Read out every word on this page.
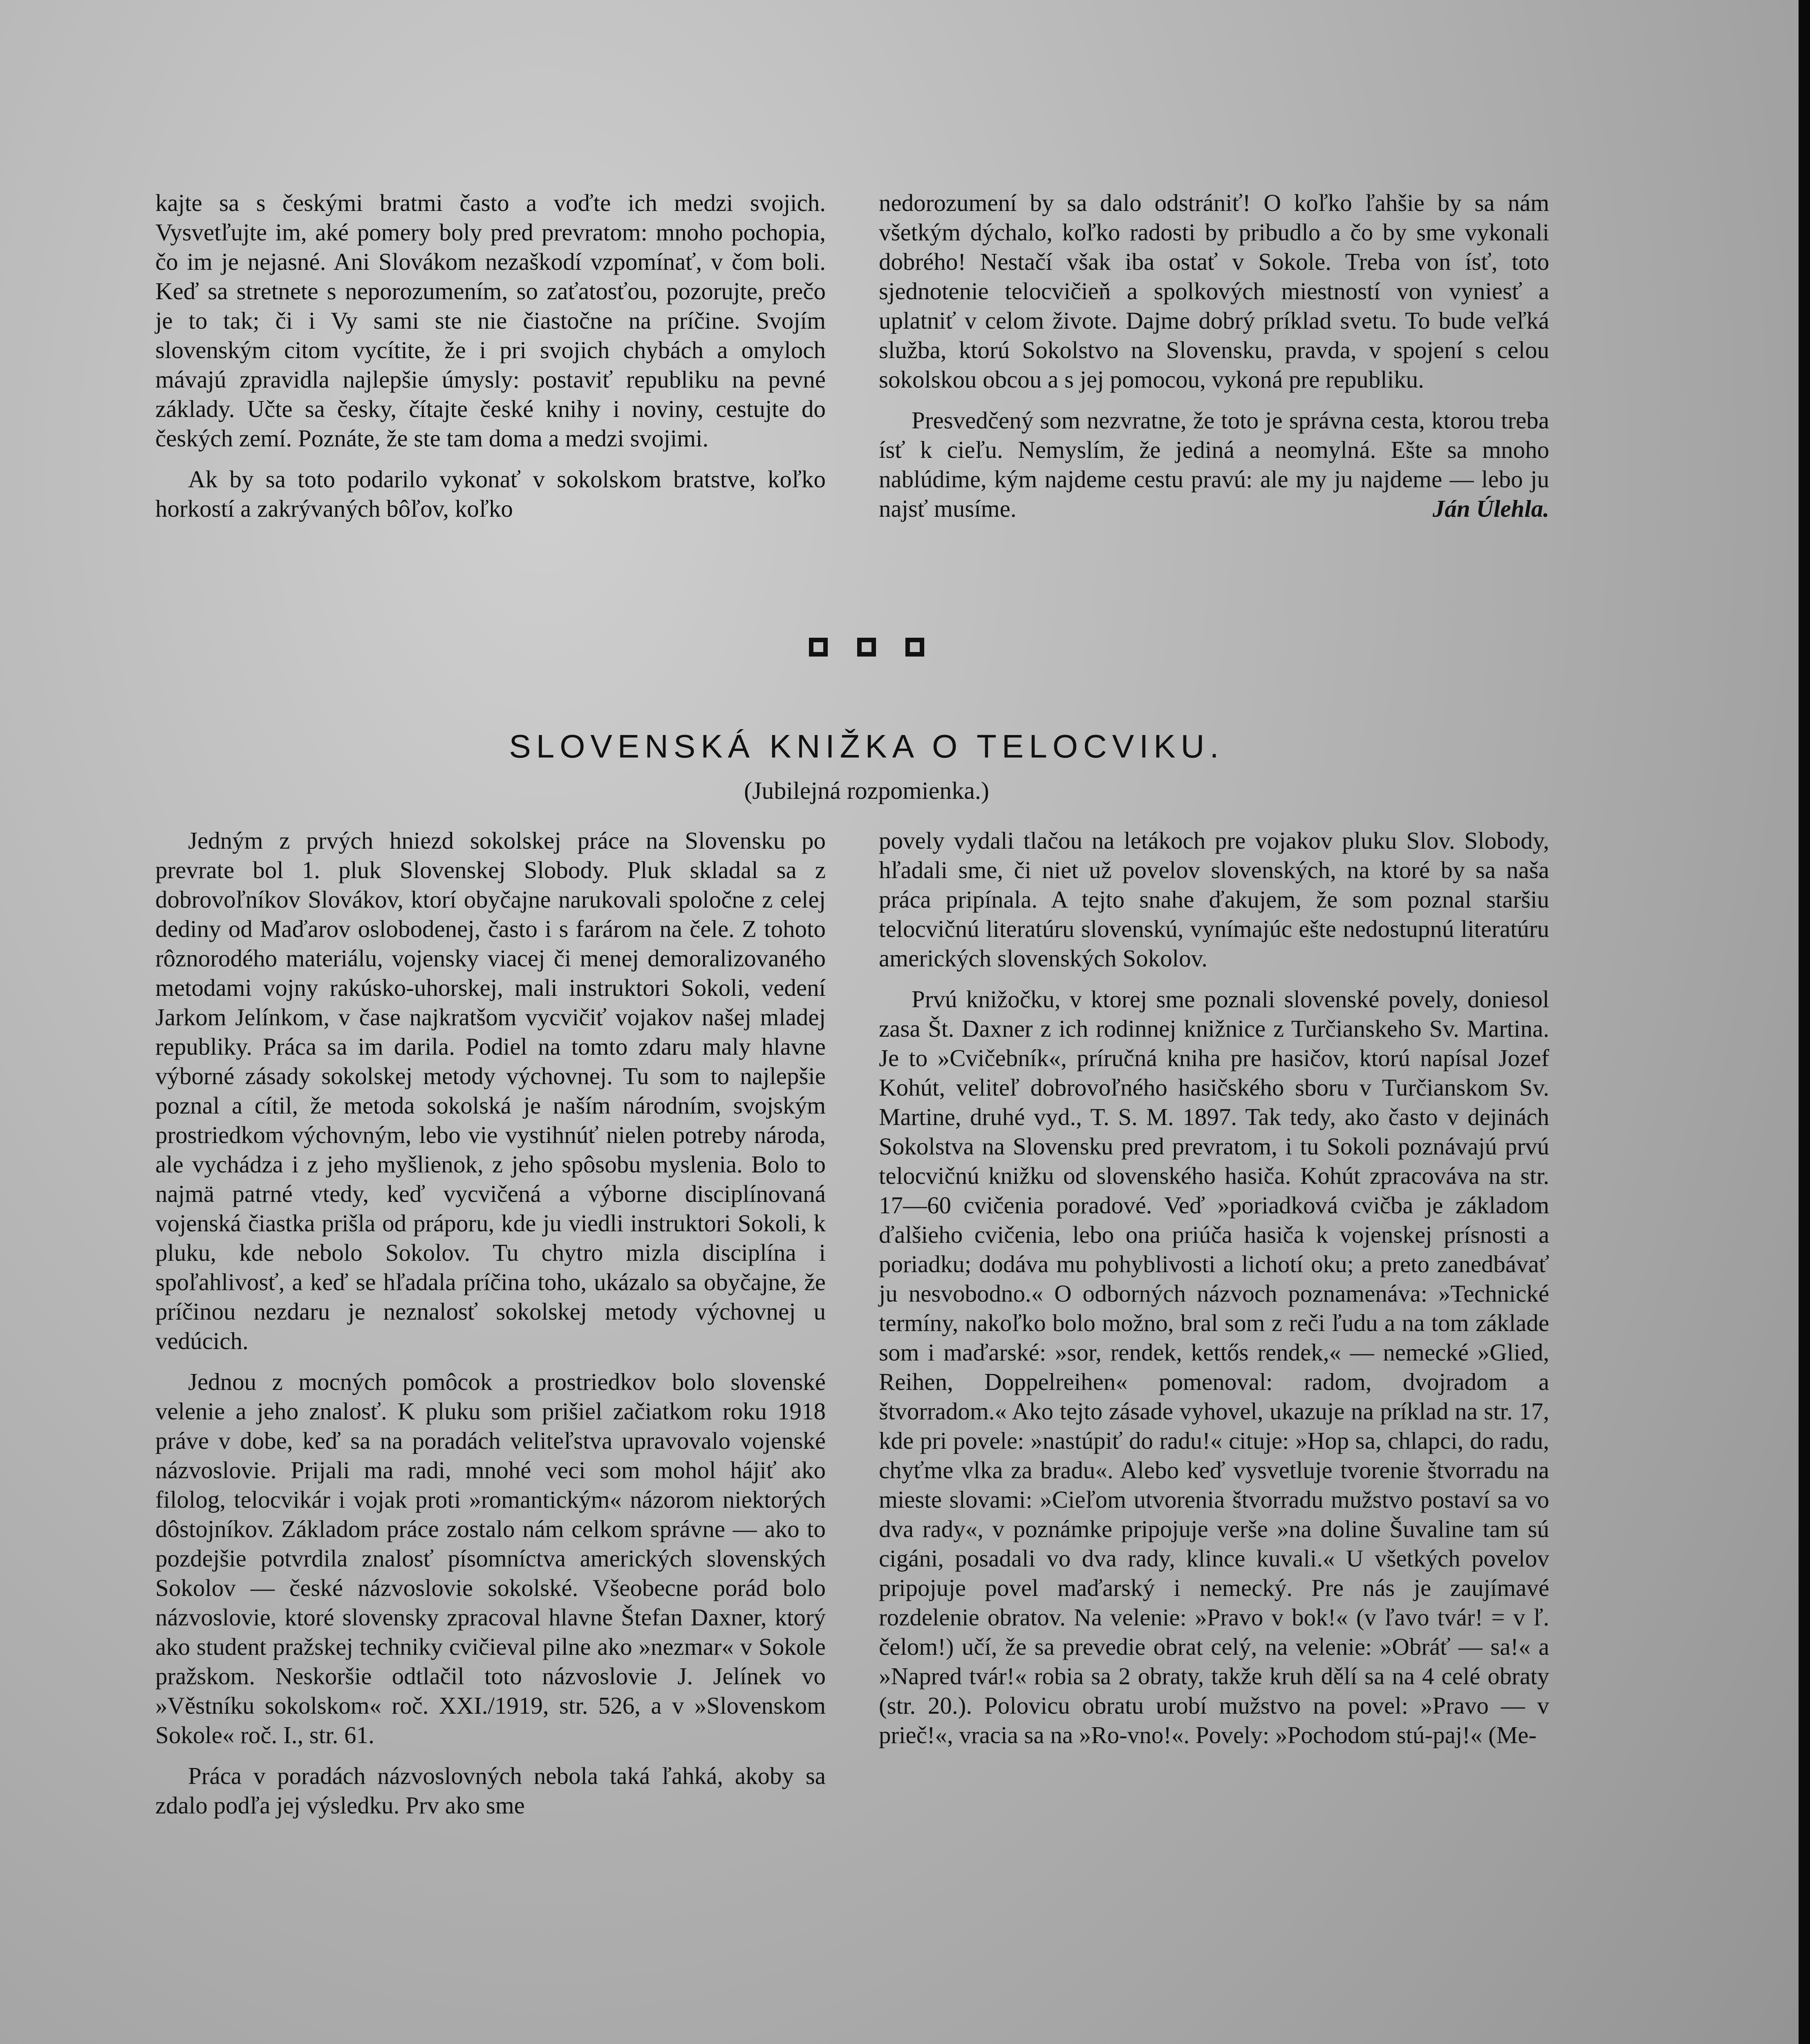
kajte sa s českými bratmi často a voďte ich medzi svojich. Vysvetľujte im, aké pomery boly pred prevratom: mnoho pochopia, čo im je nejasné. Ani Slovákom nezaškodí vzpomínať, v čom boli. Keď sa stretnete s neporozumením, so zaťatosťou, pozorujte, prečo je to tak; či i Vy sami ste nie čiastočne na príčine. Svojím slovenským citom vycítite, že i pri svojich chybách a omyloch mávajú zpravidla najlepšie úmysly: postaviť republiku na pevné základy. Učte sa česky, čítajte české knihy i noviny, cestujte do českých zemí. Poznáte, že ste tam doma a medzi svojimi.

Ak by sa toto podarilo vykonať v sokolskom bratstve, koľko horkostí a zakrývaných bôľov, koľko

nedorozumení by sa dalo odstrániť! O koľko ľahšie by sa nám všetkým dýchalo, koľko radosti by pribudlo a čo by sme vykonali dobrého! Nestačí však iba ostať v Sokole. Treba von ísť, toto sjednotenie telocvičieň a spolkových miestností von vyniesť a uplatniť v celom živote. Dajme dobrý príklad svetu. To bude veľká služba, ktorú Sokolstvo na Slovensku, pravda, v spojení s celou sokolskou obcou a s jej pomocou, vykoná pre republiku.

Presvedčený som nezvratne, že toto je správna cesta, ktorou treba ísť k cieľu. Nemyslím, že jediná a neomylná. Ešte sa mnoho nablúdime, kým najdeme cestu pravú: ale my ju najdeme — lebo ju najsť musíme.	Ján Úlehla.

SLOVENSKÁ KNIŽKA O TELOCVIKU.
(Jubilejná rozpomienka.)

Jedným z prvých hniezd sokolskej práce na Slovensku po prevrate bol 1. pluk Slovenskej Slobody. Pluk skladal sa z dobrovoľníkov Slovákov, ktorí obyčajne narukovali spoločne z celej dediny od Maďarov oslobodenej, často i s farárom na čele. Z tohoto rôznorodého materiálu, vojensky viacej či menej demoralizovaného metodami vojny rakúsko-uhorskej, mali instruktori Sokoli, vedení Jarkom Jelínkom, v čase najkratšom vycvičiť vojakov našej mladej republiky. Práca sa im darila. Podiel na tomto zdaru maly hlavne výborné zásady sokolskej metody výchovnej. Tu som to najlepšie poznal a cítil, že metoda sokolská je naším národním, svojským prostriedkom výchovným, lebo vie vystihnúť nielen potreby národa, ale vychádza i z jeho myšlienok, z jeho spôsobu myslenia. Bolo to najmä patrné vtedy, keď vycvičená a výborne disciplínovaná vojenská čiastka prišla od práporu, kde ju viedli instruktori Sokoli, k pluku, kde nebolo Sokolov. Tu chytro mizla disciplína i spoľahlivosť, a keď se hľadala príčina toho, ukázalo sa obyčajne, že príčinou nezdaru je neznalosť sokolskej metody výchovnej u vedúcich.

Jednou z mocných pomôcok a prostriedkov bolo slovenské velenie a jeho znalosť. K pluku som prišiel začiatkom roku 1918 práve v dobe, keď sa na poradách veliteľstva upravovalo vojenské názvoslovie. Prijali ma radi, mnohé veci som mohol hájiť ako filolog, telocvikár i vojak proti »romantickým« názorom niektorých dôstojníkov. Základom práce zostalo nám celkom správne — ako to pozdejšie potvrdila znalosť písomníctva amerických slovenských Sokolov — české názvoslovie sokolské. Všeobecne porád bolo názvoslovie, ktoré slovensky zpracoval hlavne Štefan Daxner, ktorý ako student pražskej techniky cvičieval pilne ako »nezmar« v Sokole pražskom. Neskoršie odtlačil toto názvoslovie J. Jelínek vo »Věstníku sokolskom« roč. XXI./1919, str. 526, a v »Slovenskom Sokole« roč. I., str. 61.

Práca v poradách názvoslovných nebola taká ľahká, akoby sa zdalo podľa jej výsledku. Prv ako sme

povely vydali tlačou na letákoch pre vojakov pluku Slov. Slobody, hľadali sme, či niet už povelov slovenských, na ktoré by sa naša práca pripínala. A tejto snahe ďakujem, že som poznal staršiu telocvičnú literatúru slovenskú, vynímajúc ešte nedostupnú literatúru amerických slovenských Sokolov.

Prvú knižočku, v ktorej sme poznali slovenské povely, doniesol zasa Št. Daxner z ich rodinnej knižnice z Turčianskeho Sv. Martina. Je to »Cvičebník«, príručná kniha pre hasičov, ktorú napísal Jozef Kohút, veliteľ dobrovoľného hasičského sboru v Turčianskom Sv. Martine, druhé vyd., T. S. M. 1897. Tak tedy, ako často v dejinách Sokolstva na Slovensku pred prevratom, i tu Sokoli poznávajú prvú telocvičnú knižku od slovenského hasiča. Kohút zpracováva na str. 17—60 cvičenia poradové. Veď »poriadková cvičba je základom ďalšieho cvičenia, lebo ona priúča hasiča k vojenskej prísnosti a poriadku; dodáva mu pohyblivosti a lichotí oku; a preto zanedbávať ju nesvobodno.« O odborných názvoch poznamenáva: »Technické termíny, nakoľko bolo možno, bral som z reči ľudu a na tom základe som i maďarské: »sor, rendek, kettős rendek,« — nemecké »Glied, Reihen, Doppelreihen« pomenoval: radom, dvojradom a štvorradom.« Ako tejto zásade vyhovel, ukazuje na príklad na str. 17, kde pri povele: »nastúpiť do radu!« cituje: »Hop sa, chlapci, do radu, chyťme vlka za bradu«. Alebo keď vysvetluje tvorenie štvorradu na mieste slovami: »Cieľom utvorenia štvorradu mužstvo postaví sa vo dva rady«, v poznámke pripojuje verše »na doline Šuvaline tam sú cigáni, posadali vo dva rady, klince kuvali.« U všetkých povelov pripojuje povel maďarský i nemecký. Pre nás je zaujímavé rozdelenie obratov. Na velenie: »Pravo v bok!« (v ľavo tvár! = v ľ. čelom!) učí, že sa prevedie obrat celý, na velenie: »Obráť — sa!« a »Napred tvár!« robia sa 2 obraty, takže kruh dělí sa na 4 celé obraty (str. 20.). Polovicu obratu urobí mužstvo na povel: »Pravo — v prieč!«, vracia sa na »Ro-vno!«. Povely: »Pochodom stú-paj!« (Me-
